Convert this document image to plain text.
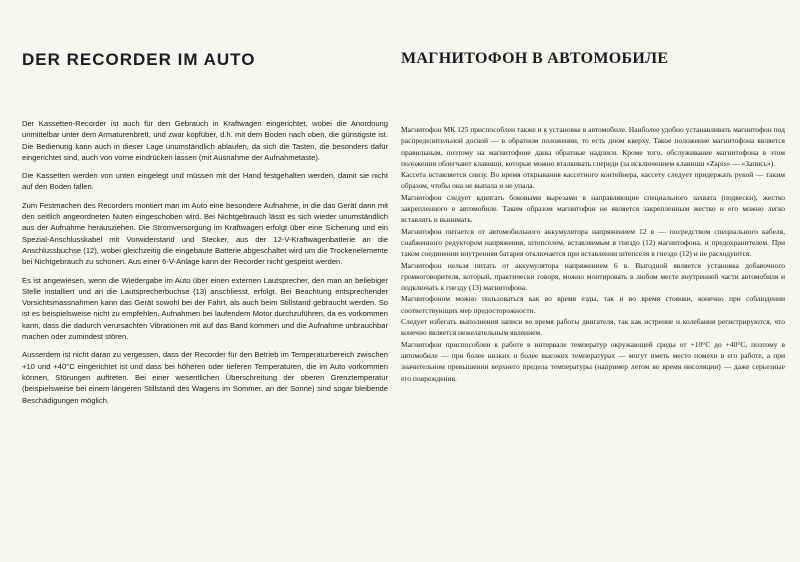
DER RECORDER IM AUTO

Der Kassetten-Recorder ist auch für den Gebrauch in Kraftwagen eingerichtet, wobei die Anordnung unmittelbar unter dem Armaturenbrett, und zwar kopfüber, d.h. mit dem Boden nach oben, die günstigste ist. Die Bedienung kann auch in dieser Lage unumständlich ablaufen, da sich die Tasten, die besonders dafür eingerichtet sind, auch von vorne eindrücken lassen (mit Ausnahme der Aufnahmetaste).

Die Kassetten werden von unten eingelegt und müssen mit der Hand festgehalten werden, damit sie nicht auf den Boden fallen.

Zum Festmachen des Recorders montiert man im Auto eine besondere Aufnahme, in die das Gerät dann mit den seitlich angeordneten Nuten eingeschoben wird. Bei Nichtgebrauch lässt es sich wieder unumständlich aus der Aufnahme herausziehen. Die Stromversorgung im Kraftwagen erfolgt über eine Sicherung und ein Spezial-Anschlusskabel mit Vorwiderstand und Stecker, aus der 12-V-Kraftwagenbatterie an die Anschlussbuchse (12), wobei gleichzeitig die eingebaute Batterie abgeschaltet wird um die Trockenelemente bei Nichtgebrauch zu schonen. Aus einer 6-V-Anlage kann der Recorder nicht gespeist werden.

Es ist angewiesen, wenn die Wiedergabe im Auto über einen externen Lautsprecher, den man an beliebiger Stelle installiert und an die Lautsprecherbuchse (13) anschliesst, erfolgt. Bei Beachtung entsprechender Vorsichtsmassnahmen kann das Gerät sowohl bei der Fahrt, als auch beim Stillstand gebraucht werden. So ist es beispielsweise nicht zu empfehlen, Aufnahmen bei laufendem Motor durchzuführen, da es vorkommen kann, dass die dadurch verursachten Vibrationen mit auf das Band kommen und die Aufnahme unbrauchbar machen oder zumindest stören.

Ausserdem ist nicht daran zu vergessen, dass der Recorder für den Betrieb im Temperaturbereich zwischen +10 und +40°C eingerichtet ist und dass bei höheren oder tieferen Temperaturen, die im Auto vorkommen können, Störungen auftreten. Bei einer wesentlichen Überschreitung der oberen Grenztemperatur (beispielsweise bei einem längeren Stillstand des Wagens im Sommer, an der Sonne) sind sogar bleibende Beschädigungen möglich.

МАГНИТОФОН В АВТОМОБИЛЕ

Магнитофон МК 125 приспособлен также и к установке в автомобиле. Наиболее удобно устанавливать магнитофон под распределительной доской — в обратном положении, то есть дном кверху. Такое положение магнитофона является правильным, поэтому на магнитофоне даны обратные надписи. Кроме того, обслуживание магнитофона в этом положении облегчают клавиши, которые можно вталкивать спереди (за исключением клавиши «Zapis» — «Запись»).

Кассета вставляется снизу. Во время открывания кассетного контейнера, кассету следует придержать рукой — таким образом, чтобы она не выпала и не упала.

Магнитофон следует вдвигать боковыми вырезами в направляющие специального захвата (подвески), жестко закрепленного в автомобиле. Таким образом магнитофон не является закрепленным жестко и его можно легко вставлять и вынимать.

Магнитофон питается от автомобильного аккумулятора напряжением 12 в — посредством специального кабеля, снабженного редуктором напряжения, штепселем, вставляемым в гнездо (12) магнитофона, и предохранителем. При таком соединении внутренняя батарея отключается при вставлении штепселя в гнездо (12) и не расходуются.

Магнитофон нельзя питать от аккумулятора напряжением 6 в. Выгодной является установка добавочного громкоговорителя, который, практически говоря, можно монтировать в любом месте внутренней части автомобиля и подключать к гнезду (13) магнитофона.

Магнитофоном можно пользоваться как во время езды, так и во время стоянки, конечно при соблюдении соответствующих мер предосторожности.

Следует избегать выполнения записи во время работы двигателя, так как истрение и колебания регистрируются, что конечно является нежелательным явлением.

Магнитофон приспособлен к работе в интервале температур окружающей среды от +10°С до +40°С, поэтому в автомобиле — при более низких и более высоких температурах — могут иметь место помехи в его работе, а при значительном превышении верхнего предела температуры (например летом во время инсоляции) — даже серьезные его повреждения.
